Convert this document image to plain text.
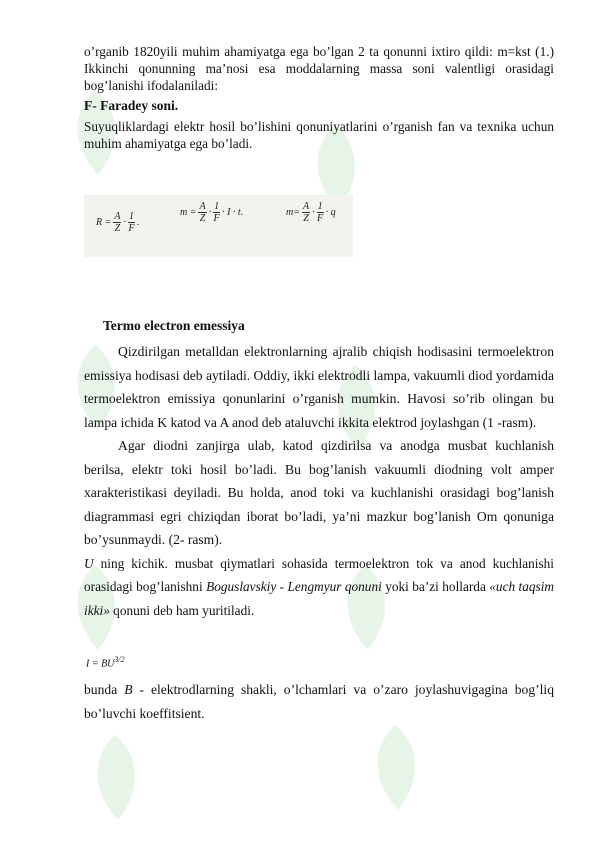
o’rganib 1820yili muhim ahamiyatga ega bo’lgan 2 ta qonunni ixtiro qildi: m=kst (1.) Ikkinchi qonunning ma’nosi esa moddalarning massa soni valentligi orasidagi bog’lanishi ifodalaniladi:

F- Faradey soni.

Suyuqliklardagi elektr hosil bo’lishini qonuniyatlarini o’rganish fan va texnika uchun muhim ahamiyatga ega bo’ladi.

$R = \frac{A}{Z} \cdot \frac{1}{F}$ .
$m = \frac{A}{Z} \cdot \frac{1}{F} \cdot I \cdot t$.	$m= \frac{A}{Z} \cdot \frac{1}{F} \cdot q$
Termo electron emessiya

Qizdirilgan metalldan elektronlarning ajralib chiqish hodisasini termoelektron emissiya hodisasi deb aytiladi. Oddiy, ikki elektrodli lampa, vakuumli diod yordamida termoelektron emissiya qonunlarini o’rganish mumkin. Havosi so’rib olingan bu lampa ichida K katod va A anod deb ataluvchi ikkita elektrod joylashgan (1 -rasm).

Agar diodni zanjirga ulab, katod qizdirilsa va anodga musbat kuchlanish berilsa, elektr toki hosil bo’ladi. Bu bog’lanish vakuumli diodning volt amper xarakteristikasi deyiladi. Bu holda, anod toki va kuchlanishi orasidagi bog’lanish diagrammasi egri chiziqdan iborat bo’ladi, ya’ni mazkur bog’lanish Om qonuniga bo’ysunmaydi. (2- rasm).

U ning kichik. musbat qiymatlari sohasida termoelektron tok va anod kuchlanishi orasidagi bog’lanishni Boguslavskiy - Lengmyur qonuni yoki ba’zi hollarda «uch taqsim ikki» qonuni deb ham yuritiladi.

$I = BU^{3/2}$

bunda B - elektrodlarning shakli, o’lchamlari va o’zaro joylashuvigagina bog’liq bo’luvchi koeffitsient.
